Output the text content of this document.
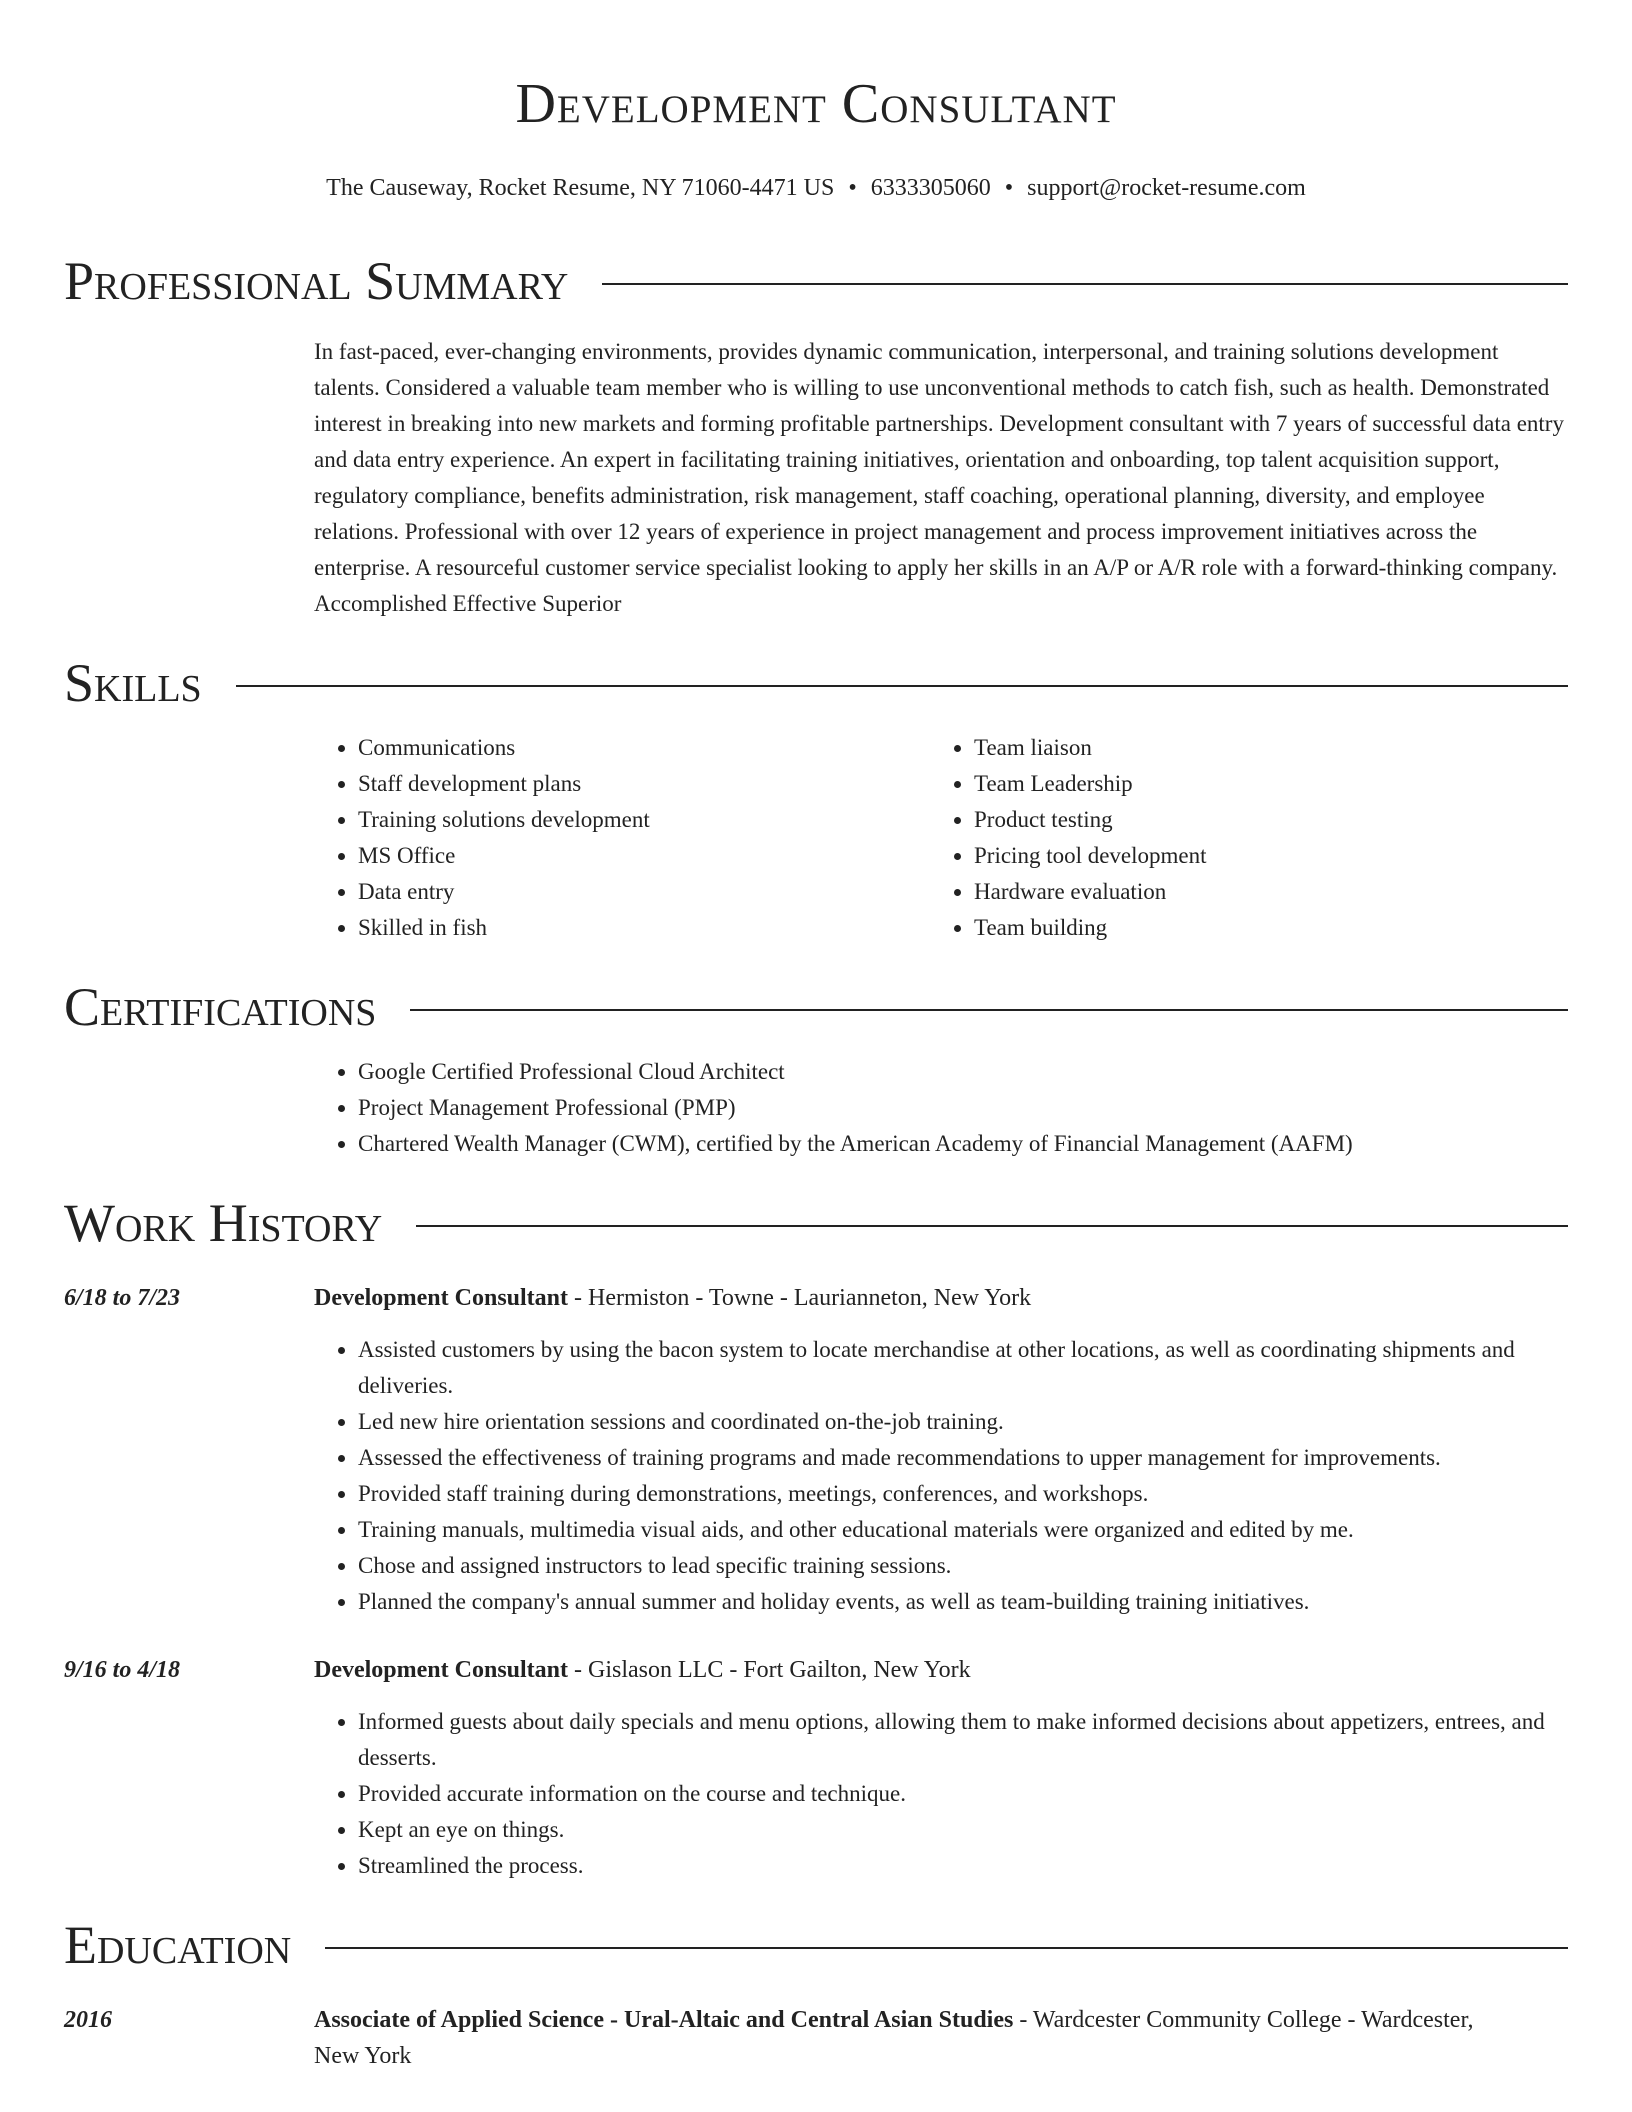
Development Consultant
The Causeway, Rocket Resume, NY 71060-4471 US • 6333305060 • support@rocket-resume.com
Professional Summary
In fast-paced, ever-changing environments, provides dynamic communication, interpersonal, and training solutions development talents. Considered a valuable team member who is willing to use unconventional methods to catch fish, such as health. Demonstrated interest in breaking into new markets and forming profitable partnerships. Development consultant with 7 years of successful data entry and data entry experience. An expert in facilitating training initiatives, orientation and onboarding, top talent acquisition support, regulatory compliance, benefits administration, risk management, staff coaching, operational planning, diversity, and employee relations. Professional with over 12 years of experience in project management and process improvement initiatives across the enterprise. A resourceful customer service specialist looking to apply her skills in an A/P or A/R role with a forward-thinking company. Accomplished Effective Superior
Skills
• Communications
• Staff development plans
• Training solutions development
• MS Office
• Data entry
• Skilled in fish
• Team liaison
• Team Leadership
• Product testing
• Pricing tool development
• Hardware evaluation
• Team building
Certifications
• Google Certified Professional Cloud Architect
• Project Management Professional (PMP)
• Chartered Wealth Manager (CWM), certified by the American Academy of Financial Management (AAFM)
Work History
6/18 to 7/23	Development Consultant - Hermiston - Towne - Laurianneton, New York
• Assisted customers by using the bacon system to locate merchandise at other locations, as well as coordinating shipments and deliveries.
• Led new hire orientation sessions and coordinated on-the-job training.
• Assessed the effectiveness of training programs and made recommendations to upper management for improvements.
• Provided staff training during demonstrations, meetings, conferences, and workshops.
• Training manuals, multimedia visual aids, and other educational materials were organized and edited by me.
• Chose and assigned instructors to lead specific training sessions.
• Planned the company's annual summer and holiday events, as well as team-building training initiatives.
9/16 to 4/18	Development Consultant - Gislason LLC - Fort Gailton, New York
• Informed guests about daily specials and menu options, allowing them to make informed decisions about appetizers, entrees, and desserts.
• Provided accurate information on the course and technique.
• Kept an eye on things.
• Streamlined the process.
Education
2016	Associate of Applied Science - Ural-Altaic and Central Asian Studies - Wardcester Community College - Wardcester, New York
